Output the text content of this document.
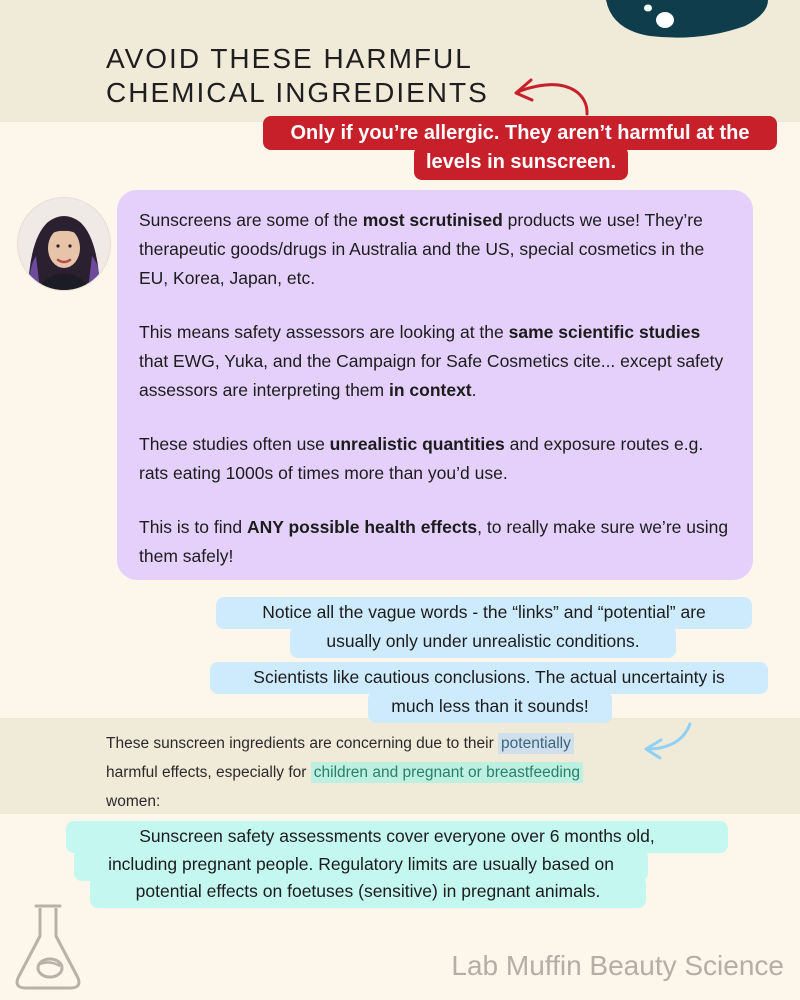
AVOID THESE HARMFUL
CHEMICAL INGREDIENTS
Only if you’re allergic. They aren’t harmful at the
levels in sunscreen.

Sunscreens are some of the most scrutinised products we use! They’re therapeutic goods/drugs in Australia and the US, special cosmetics in the EU, Korea, Japan, etc.

This means safety assessors are looking at the same scientific studies that EWG, Yuka, and the Campaign for Safe Cosmetics cite... except safety assessors are interpreting them in context.

These studies often use unrealistic quantities and exposure routes e.g. rats eating 1000s of times more than you’d use.

This is to find ANY possible health effects, to really make sure we’re using them safely!

Notice all the vague words - the “links” and “potential” are
usually only under unrealistic conditions.
Scientists like cautious conclusions. The actual uncertainty is
much less than it sounds!
These sunscreen ingredients are concerning due to their potentially
harmful effects, especially for children and pregnant or breastfeeding
women:
Sunscreen safety assessments cover everyone over 6 months old,
including pregnant people. Regulatory limits are usually based on
potential effects on foetuses (sensitive) in pregnant animals.
Lab Muffin Beauty Science
